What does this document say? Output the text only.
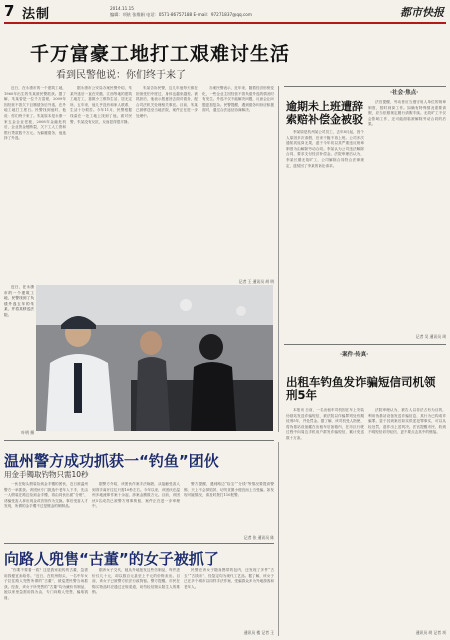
7 法制	2014.11.15
编辑：项炫 张维娟 电话：0571-86757188 E-mail：97271837@qq.com	都市快报
千万富豪工地打工艰难讨生活
看到民警他说：你们终于来了

近日，在永康市的一个建筑工地，1960年出生的朱某被民警抓获。据了解，朱某曾是一位千万富豪，2009年因经营不善欠下巨额债务后外逃，在外地工地打工度日。民警找到他时，他说：你们终于来了。朱某原本是永康一家五金企业老板，2008年金融危机后，企业资金链断裂，欠下工人工资和银行贷款数千万元。为躲避债务，他选择了外逃。

据永康市公安局办案民警介绍，朱某外逃后一直在安徽、江西等地的建筑工地打工，靠做小工维持生活，居无定所。五年来，他几乎没有和家人联系，生活十分艰苦。今年11月，民警根据线索在一处工地上找到了他。面对民警，朱某没有反抗，反而显得很平静。

朱某告诉民警，这几年他每天都在担惊受怕中度过，身体也越来越差。被抓获后，他表示愿意回去面对债务，配合司法机关处理相关事宜。目前，朱某已被移送至当地法院，案件正在进一步处理中。

办案民警表示，近年来，随着经济形势变化，一些企业主因经营不善负债外逃的情况时有发生。外逃不仅不能解决问题，反而会让问题更加复杂。民警提醒，遇到债务纠纷应积极面对，通过合法途径协商解决。

近日，在永康市的一个建筑工地，民警找到了负债外逃五年的朱某，并将其移送法院。

叶明 摄
·社会·焦点·
逾期未上班遭辞索赔补偿金被驳

李某原是杭州某公司员工，去年8月起，因个人原因多次请假，后来干脆不再上班。公司多次通知其返岗无果，遂于今年初以其严重违反规章制度为由解除劳动合同。李某认为公司违法解除合同，要求支付经济补偿金。法院审理后认为，李某长期无故旷工，公司解除合同符合法律规定，遂驳回了李某的诉讼请求。

法官提醒，劳动者应当遵守用人单位的规章制度，按时到岗工作。如确有特殊情况需要请假，应当依照规定履行请假手续。无故旷工不仅会影响工作，还可能面临被解除劳动合同的后果。

记者 吴 通讯员 周
·案件·传真·
出租车钓鱼发诈骗短信司机领刑5年

本报讯 日前，一名出租车司机因在车上安装伪基站发送诈骗短信，被法院以诈骗罪判处有期徒刑5年，并处罚金。据了解，该司机受人指使，将伪基站设备藏在出租车后备箱内，在市区行驶过程中向周边手机用户群发诈骗短信，累计发送数十万条。

法院审理认为，被告人以非法占有为目的，利用伪基站设备发送诈骗信息，其行为已构成诈骗罪。鉴于其到案后如实供述犯罪事实，可以从轻处罚，遂作出上述判决。法官提醒市民，收到不明短信切勿轻信，更不要点击其中的链接。

通讯员 胡 记者 项
温州警方成功抓获一“钓鱼”团伙
用金手镯取钓物只需10秒

一伙在街头假装捡到金手镯的团伙，近日被温州警方一举抓获。该团伙专门挑选中老年人下手，先由一人假装在路边捡到金手镯，再由同伙出面“分赃”，诱骗受害人拿出现金或首饰作为交换。事后受害人才发现，所谓的金手镯不过是镀金的铜制品。

据警方介绍，该团伙作案手法娴熟，从接触受害人到得手离开往往只需10秒左右。今年以来，该团伙在温州多地流窜作案十余起，涉案金额数万元。目前，该团伙5名成员已被警方刑事拘留，案件正在进一步审理中。

警方提醒，遇到路边“捡宝”“分钱”等情况要提高警惕，天上不会掉馅饼，切勿贪图小便宜而上当受骗。如发现可疑情况，请及时拨打110报警。

记者 张 通讯员 陈
向路人兜售“古董”的女子被抓了

“你要不要看一看？这是我家祖传的古董，急需用钱便宜卖给你。”近日，在杭州街头，一名中年女子拉住路人兜售所谓的“古董”，被巡逻民警当场抓获。经查，该女子所兜售的“古董”均为廉价仿制品，她以家里急需用钱为由，专门向路人兜售，骗取钱财。

据该女子交代，她从外地批发这些仿制品，每件进价仅几十元，却以数百元甚至上千元的价格卖出。目前，该女子已被警方依法行政拘留。警方提醒，市民在购买物品时应通过正规渠道，切勿轻信街头陌生人的推销。

民警在该女子随身携带的包内，还发现了多件“古玉”“古钱币”，经鉴定均为现代工艺品。据了解，该女子已在多个城市以同样手法作案，受骗群众多为外地游客和老年人。

通讯员 楼 记者 王
记者 王 通讯员 胡 明
